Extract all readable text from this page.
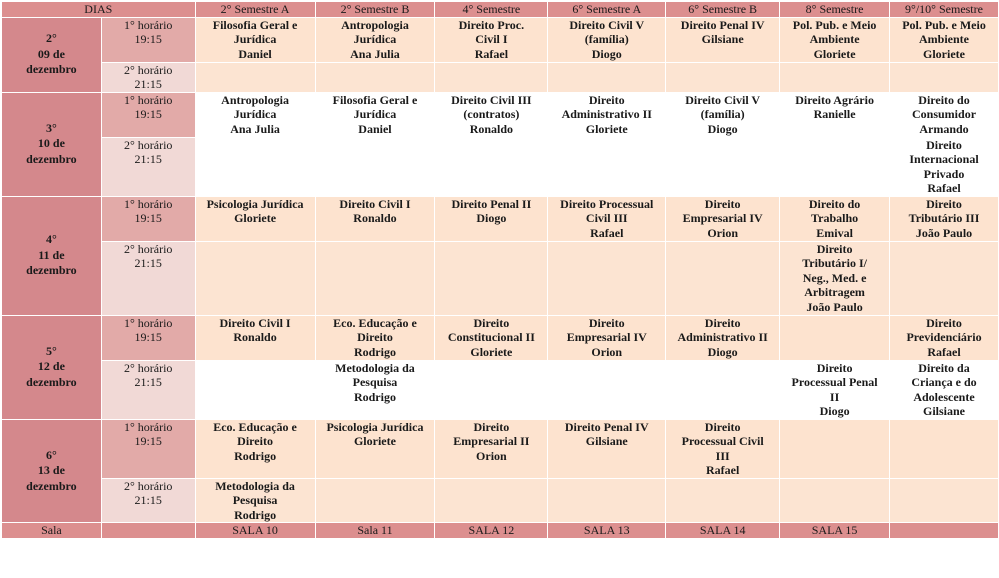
DIAS		2° Semestre A	2° Semestre B	4° Semestre	6° Semestre A	6° Semestre B	8° Semestre	9°/10° Semestre

2°
09 de
dezembro	1° horário
19:15	Filosofia Geral e
Jurídica
Daniel	Antropologia
Jurídica
Ana Julia	Direito Proc.
Civil I
Rafael	Direito Civil V
(família)
Diogo	Direito Penal IV
Gilsiane	Pol. Pub. e Meio
Ambiente
Gloriete	Pol. Pub. e Meio
Ambiente
Gloriete

	2° horário
21:15							

3°
10 de
dezembro	1° horário
19:15	Antropologia
Jurídica
Ana Julia	Filosofia Geral e
Jurídica
Daniel	Direito Civil III
(contratos)
Ronaldo	Direito
Administrativo II
Gloriete	Direito Civil V
(família)
Diogo	Direito Agrário
Ranielle	Direito do
Consumidor
Armando

	2° horário
21:15							Direito
Internacional
Privado
Rafael

4°
11 de
dezembro	1° horário
19:15	Psicologia Jurídica
Gloriete	Direito Civil I
Ronaldo	Direito Penal II
Diogo	Direito Processual
Civil III
Rafael	Direito
Empresarial IV
Orion	Direito do
Trabalho
Emival	Direito
Tributário III
João Paulo

	2° horário
21:15						Direito
Tributário I/
Neg., Med. e
Arbitragem
João Paulo	

5°
12 de
dezembro	1° horário
19:15	Direito Civil I
Ronaldo	Eco. Educação e
Direito
Rodrigo	Direito
Constitucional II
Gloriete	Direito
Empresarial IV
Orion	Direito
Administrativo II
Diogo		Direito
Previdenciário
Rafael

	2° horário
21:15		Metodologia da
Pesquisa
Rodrigo				Direito
Processual Penal
II
Diogo	Direito da
Criança e do
Adolescente
Gilsiane

6°
13 de
dezembro	1° horário
19:15	Eco. Educação e
Direito
Rodrigo	Psicologia Jurídica
Gloriete	Direito
Empresarial II
Orion	Direito Penal IV
Gilsiane	Direito
Processual Civil
III
Rafael		

	2° horário
21:15	Metodologia da
Pesquisa
Rodrigo						

Sala		SALA 10	Sala 11	SALA 12	SALA 13	SALA 14	SALA 15	
